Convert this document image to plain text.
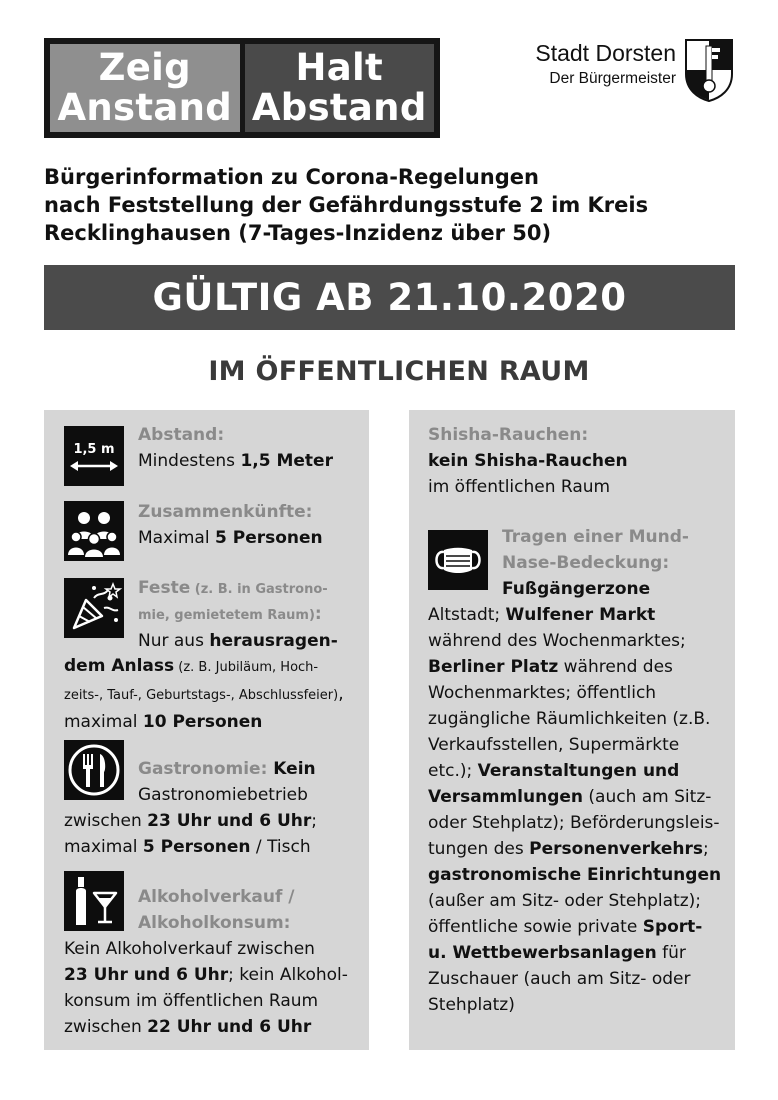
Zeig
Anstand
Halt
Abstand
Stadt Dorsten
Der Bürgermeister
Bürgerinformation zu Corona-Regelungen
nach Feststellung der Gefährdungsstufe 2 im Kreis
Recklinghausen (7-Tages-Inzidenz über 50)
GÜLTIG AB 21.10.2020
IM ÖFFENTLICHEN RAUM
1,5 m
Abstand:
Mindestens 1,5 Meter
Zusammenkünfte:
Maximal 5 Personen
Feste (z. B. in Gastrono-
mie, gemietetem Raum):
Nur aus herausragen-
dem Anlass (z. B. Jubiläum, Hoch-
zeits-, Tauf-, Geburtstags-, Abschlussfeier),
maximal 10 Personen
Gastronomie: Kein
Gastronomiebetrieb
zwischen 23 Uhr und 6 Uhr;
maximal 5 Personen / Tisch
Alkoholverkauf /
Alkoholkonsum:
Kein Alkoholverkauf zwischen
23 Uhr und 6 Uhr; kein Alkohol-
konsum im öffentlichen Raum
zwischen 22 Uhr und 6 Uhr
Shisha-Rauchen:
kein Shisha-Rauchen
im öffentlichen Raum
Tragen einer Mund-
Nase-Bedeckung:
Fußgängerzone
Altstadt; Wulfener Markt
während des Wochenmarktes;
Berliner Platz während des
Wochenmarktes; öffentlich
zugängliche Räumlichkeiten (z.B.
Verkaufsstellen, Supermärkte
etc.); Veranstaltungen und
Versammlungen (auch am Sitz-
oder Stehplatz); Beförderungsleis-
tungen des Personenverkehrs;
gastronomische Einrichtungen
(außer am Sitz- oder Stehplatz);
öffentliche sowie private Sport-
u. Wettbewerbsanlagen für
Zuschauer (auch am Sitz- oder
Stehplatz)
